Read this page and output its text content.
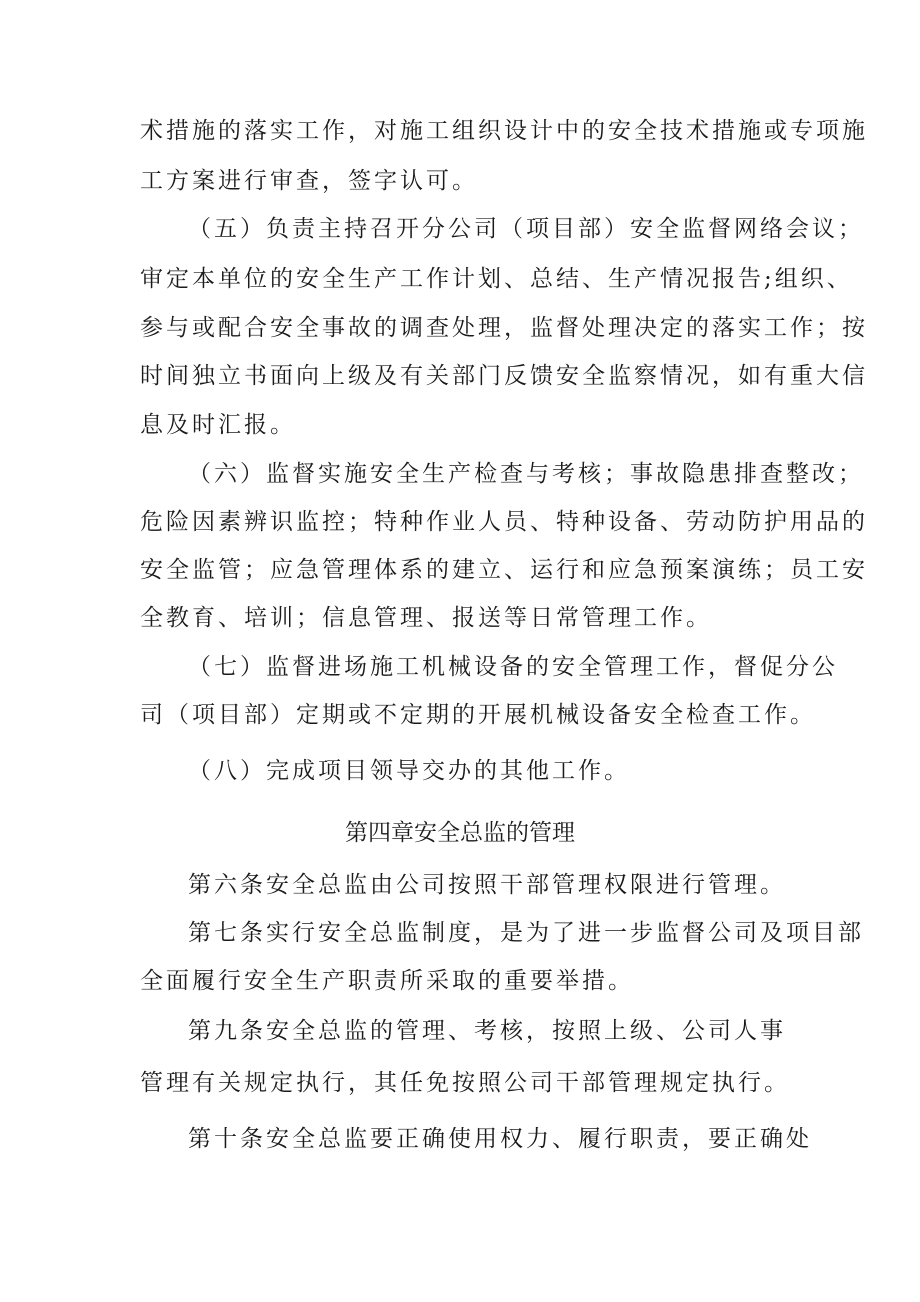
术措施的落实工作，对施工组织设计中的安全技术措施或专项施
工方案进行审查，签字认可。
（五）负责主持召开分公司（项目部）安全监督网络会议；
审定本单位的安全生产工作计划、总结、生产情况报告;组织、
参与或配合安全事故的调查处理，监督处理决定的落实工作；按
时间独立书面向上级及有关部门反馈安全监察情况，如有重大信
息及时汇报。
（六）监督实施安全生产检查与考核；事故隐患排查整改；
危险因素辨识监控；特种作业人员、特种设备、劳动防护用品的
安全监管；应急管理体系的建立、运行和应急预案演练；员工安
全教育、培训；信息管理、报送等日常管理工作。
（七）监督进场施工机械设备的安全管理工作，督促分公
司（项目部）定期或不定期的开展机械设备安全检查工作。
（八）完成项目领导交办的其他工作。
第四章安全总监的管理
第六条安全总监由公司按照干部管理权限进行管理。
第七条实行安全总监制度，是为了进一步监督公司及项目部
全面履行安全生产职责所采取的重要举措。
第九条安全总监的管理、考核，按照上级、公司人事
管理有关规定执行，其任免按照公司干部管理规定执行。
第十条安全总监要正确使用权力、履行职责，要正确处
